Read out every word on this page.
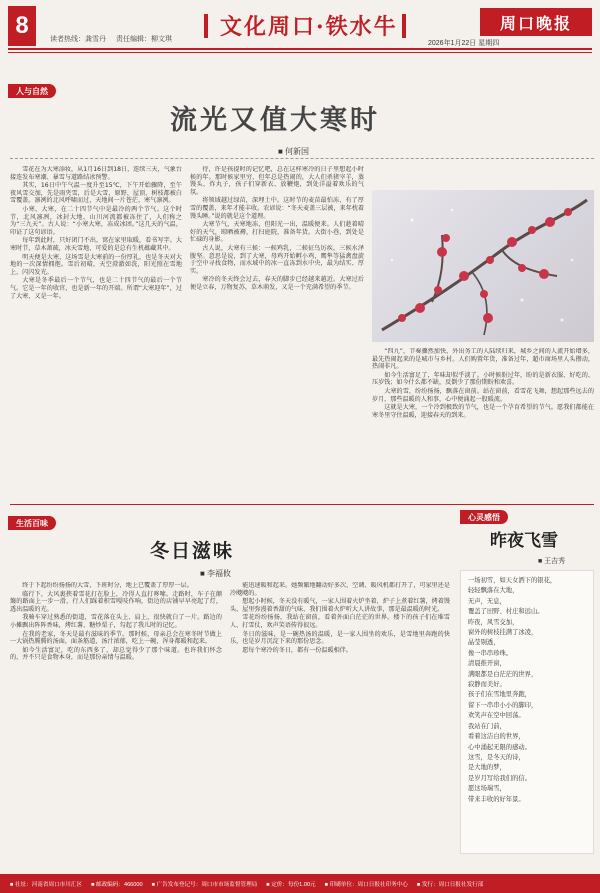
8
读者热线：龚雪丹 责任编辑：柳文琪	文化周口·铁水牛	周口晚报
2026年1月22日 星期四
人与自然
流光又值大寒时
■ 何新国

雪花在为大寒添妆，从1月16日到18日，连续三天，气象台接连发布寒潮、暴雪与道路结冰预警。

其实，16日中午气温一度升至15℃，下午开始骤降，至午夜风雪交加，先是雨夹雪，后是大雪，原野、屋顶、树枝都被白雪覆盖。凛冽的北风呼啸而过，天地间一片苍茫，寒气凛冽。

小寒、大寒，在二十四节气中是最冷的两个节气。这个时节，北风凛冽，冰封大地，山川河流都被冻住了，人们称之为“三九天”。古人说：“小寒大寒，冻成冰团。”这几天的气温，印证了这句谚语。

每年到此时，只好闭门不出，窝在家里取暖，看书写字。大寒时节，草木萧疏，冰天雪地，可爱的是总有生机蕴藏其中。

明天便是大寒，这场雪是大寒前的一份厚礼，也是冬天对大地的一次深情拥抱。雪后初晴，天空澄澈如洗，阳光照在雪地上，闪闪发光。

大寒是冬季最后一个节气，也是二十四节气的最后一个节气。它是一年的收官，也是新一年的开端。所谓“大寒迎年”，过了大寒，又是一年。

待，许是孩提时的记忆吧，总在这样寒冷的日子里想起小时候的年。那时候家里穷，但年总是热闹的，大人们杀猪宰羊，蒸馒头、炸丸子，孩子们穿新衣、放鞭炮，到处洋溢着欢乐的气氛。

将领域越过绿苗，深埋土中。这时节的麦苗最怕冻，有了厚雪的覆盖，来年才能丰收。农谚说：“冬天麦盖三层被，来年枕着馒头睡。”说的就是这个道理。

大寒节气，天寒地冻，但阳光一出，温暖便来。人们趁着晴好的天气，晾晒被褥，打扫庭院，准备年货。大街小巷，到处是忙碌的身影。

古人说，大寒有三候：一候鸡乳，二候征鸟厉疾，三候水泽腹坚。意思是说，到了大寒，母鸡开始孵小鸡，鹰隼等猛禽盘旋于空中寻找食物，而水域中的冰一直冻到水中央，最为结实、厚实。

寒冷的冬天终会过去，春天的脚步已经越来越近。大寒过后便是立春，万物复苏，草木萌发，又是一个充满希望的季节。

“四九”，节奏骤然加快，外出务工的人陆续归来，城乡之间的人流开始增多，最先热闹起来的是城市与乡村。人们购置年货，准备过年，超市商场里人头攒动，热闹非凡。

如今生活富足了，年味却似乎淡了。小时候盼过年，盼的是新衣服、好吃的、压岁钱；如今什么都不缺，反倒少了那份期盼和欢喜。

大寒的雪，纷纷扬扬，飘落在窗前。站在窗前，看雪花飞舞，想起那些远去的岁月，那些温暖的人和事，心中便涌起一股暖流。

这就是大寒，一个冷到极致的节气，也是一个孕育希望的节气。愿我们都能在寒冬里守住温暖，迎接春天的到来。

生活百味
冬日滋味
■ 李福攸

终于下起纷纷扬扬的大雪，下班时分，地上已覆盖了厚厚一层。

临行下，大风裹挟着雪花打在脸上，冷得人直打哆嗦。走路时，车子在颠簸的路面上一步一滑，行人们踩着积雪嘎吱作响，街边的店铺早早亮起了灯，透出温暖的光。

我骑车穿过熟悉的街道，雪花落在头上、肩上，很快就白了一片。路边的小摊飘出阵阵香味，烤红薯、糖炒栗子，勾起了我儿时的记忆。

在我的老家，冬天是最有滋味的季节。那时候，母亲总会在寒冬时节做上一大锅热腾腾的汤面，面条筋道，汤汁浓郁，吃上一碗，浑身都暖和起来。

如今生活富足，吃的东西多了，却总觉得少了那个味道。也许我们怀念的，并不只是食物本身，而是那份亲情与温暖。

能迅速暖和起来。她频繁地翻动好多次，空调、暖风机都打开了，可家里还是冷飕飕的。

想起小时候，冬天没有暖气，一家人围着火炉坐着，炉子上煮着红薯，烤着馒头，屋里弥漫着香甜的气味，我们围着火炉听大人讲故事，那是最温暖的时光。

雪花纷纷扬扬，我站在窗前，看着外面白茫茫的世界。楼下的孩子们在堆雪人、打雪仗，欢声笑语传得很远。

冬日的滋味，是一碗热汤的温暖，是一家人围坐的欢乐，是雪地里奔跑的快乐，也是岁月沉淀下来的那份思念。

愿每个寒冷的冬日，都有一份温暖相伴。

心灵感悟
昨夜飞雪
■ 王吉秀
一场初雪，如天女洒下的银花，
轻轻飘落在大地，
无声，无息，
覆盖了田野、村庄和远山。
昨夜，风雪交加，
窗外的树枝挂满了冰凌，
晶莹剔透，
像一串串珍珠。
清晨推开窗，
满眼都是白茫茫的世界，
寂静而美好。
孩子们在雪地里奔跑，
留下一串串小小的脚印，
欢笑声在空中回荡。
我站在门前，
看着这洁白的世界，
心中涌起无限的感动。
这雪，是冬天的诗，
是大地的梦，
是岁月写给我们的信。
愿这场瑞雪，
带来丰收的好年景。
■ 社址：河南省周口市川汇区 ■ 邮政编码：466000 ■ 广告发布登记号：周口市市场监督管理局 ■ 定价：每份1.00元 ■ 印刷单位：周口日报社印务中心 ■ 发行：周口日报社发行部
